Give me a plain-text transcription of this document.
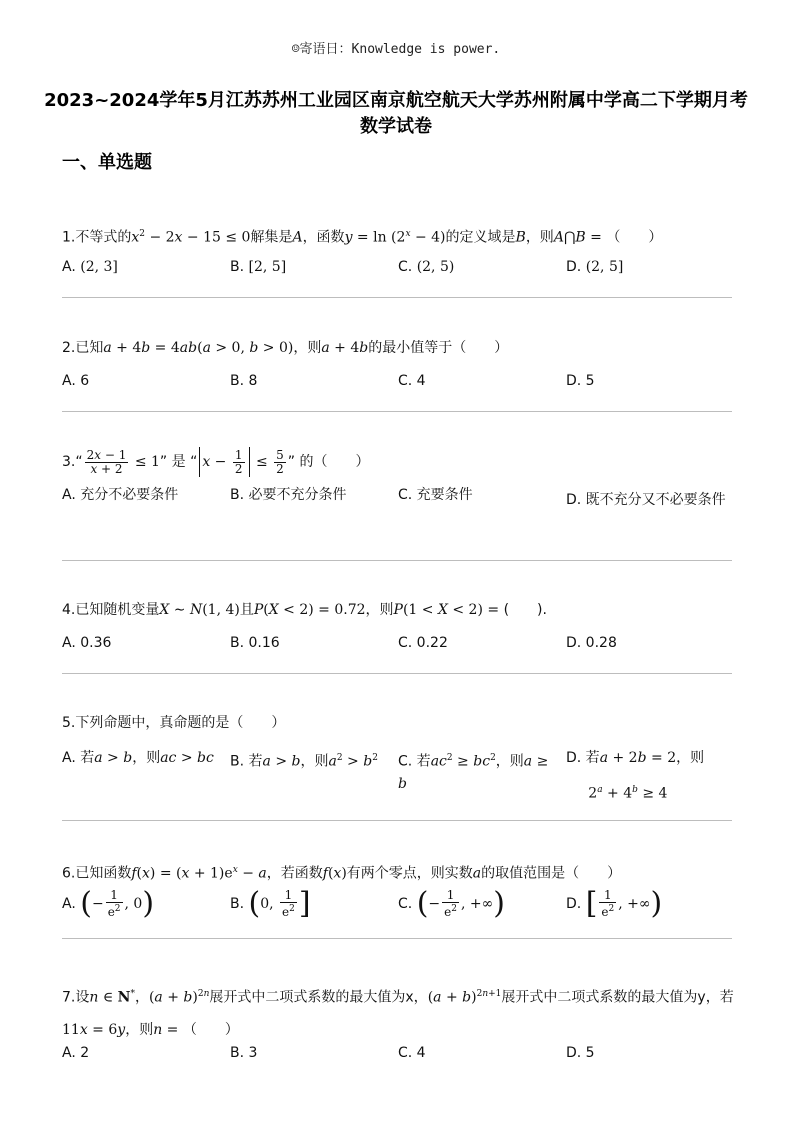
☺寄语日：Knowledge is power.
2023~2024学年5月江苏苏州工业园区南京航空航天大学苏州附属中学高二下学期月考数学试卷
一、单选题
1.不等式的$x^2 - 2x - 15 \le 0$解集是A，函数$y = \ln (2^x - 4)$的定义域是B，则A⋂B = （　　）
A. (2, 3]	B. [2, 5]	C. (2, 5)	D. (2, 5]
2.已知a + 4b = 4ab(a > 0, b > 0)，则a + 4b的最小值等于（　　）
A. 6	B. 8	C. 4	D. 5
3.“ $\frac{2x - 1}{x + 2} \le 1$” 是 “ $x - \frac{1}{2} \le \frac{5}{2}$ ” 的（　　）
A. 充分不必要条件	B. 必要不充分条件	C. 充要条件	D. 既不充分又不必要条件
4.已知随机变量X ∼ N(1, 4)且P(X < 2) = 0.72，则P(1 < X < 2) = (　　).
A. 0.36	B. 0.16	C. 0.22	D. 0.28
5.下列命题中，真命题的是（　　）
A. 若a > b，则ac > bc	B. 若a > b，则$a^2 > b^2$	C. 若$ac^2 \ge bc^2$，则a ≥ b
D. 若a + 2b = 2，则
$2^a + 4^b \ge 4$
6.已知函数$f(x) = (x + 1)e^x - a$，若函数f(x)有两个零点，则实数a的取值范围是（　　）
A. (− $\frac{1}{e^2}$ , 0)	B. (0, $\frac{1}{e^2}$ ]	C. (− $\frac{1}{e^2}$ , +∞)	D. [ $\frac{1}{e^2}$ , +∞)
7.设n ∈ N*，$(a + b)^{2n}$展开式中二项式系数的最大值为x，$(a + b)^{2n+1}$展开式中二项式系数的最大值为y，若
11x = 6y，则n = （　　）
A. 2	B. 3	C. 4	D. 5
